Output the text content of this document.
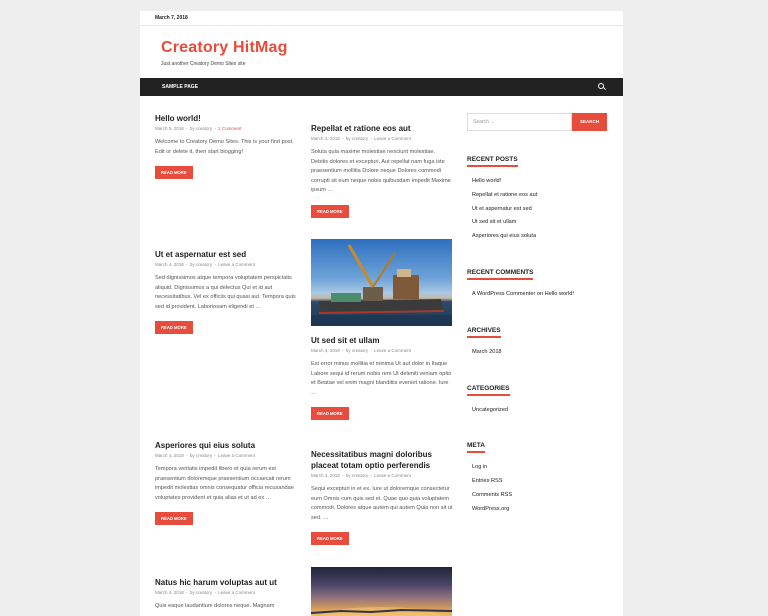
March 7, 2018
Creatory HitMag
Just another Creatory Demo Sites site
SAMPLE PAGE
Hello world!
March 5, 2018 - by creatory - 1 Comment
Welcome to Creatory Demo Sites. This is your first post. Edit or delete it, then start blogging!
READ MORE
Ut et aspernatur est sed
March 4, 2018 - by creatory - Leave a Comment
Sed dignissimos atque tempora voluptatem perspiciatis aliquid. Dignissimos a qui delectus Qui et id aut necessitatibus. Vel ex officiis qui quasi aut. Tempora quis sed id provident. Laboriosam eligendi et …
READ MORE
Asperiores qui eius soluta
March 4, 2018 - by creatory - Leave a Comment
Tempora veritatis impedit libero et quia rerum est praesentium doloremque praesentium occaecati rerum impedit molestias omnis consequatur officia recusandae voluptates provident et quia alias et ut ad ex …
READ MORE
Natus hic harum voluptas aut ut
March 4, 2018 - by creatory - Leave a Comment
Quis eaque laudantium dolores neque. Magnam
Repellat et ratione eos aut
March 4, 2018 - by creatory - Leave a Comment
Soluta quia maxime molestiae nesciunt molestiae. Debitis dolores et excepturi. Aut repellat nam fuga iste praesentium mollitia Dolore neque Dolores commodi corrupti sit eum neque nobis quibusdam impedit Maxime ipsum …
READ MORE
Ut sed sit et ullam
March 4, 2018 - by creatory - Leave a Comment
Est error minus mollitia et minima Ut aut dolor in Itaque Labore sequi id rerum nobis rem Ut deleniti veniam optio et Beatae vel enim magni blanditiis eveniet ratione. Iure …
READ MORE
Necessitatibus magni doloribus placeat totam optio perferendis
March 4, 2018 - by creatory - Leave a Comment
Sequi excepturi in et ex. Iure ut doloremque consectetur eum Omnis cum quis sed et. Quae quo quia voluptatem commodi. Dolores atque autem qui autem Quia non sit ut sed. …
READ MORE
Search ...	SEARCH
RECENT POSTS
Hello world!
Repellat et ratione eos aut
Ut et aspernatur est sed
Ut sed sit et ullam
Asperiores qui eius soluta
RECENT COMMENTS
A WordPress Commenter on Hello world!
ARCHIVES
March 2018
CATEGORIES
Uncategorized
META
Log in
Entries RSS
Comments RSS
WordPress.org
